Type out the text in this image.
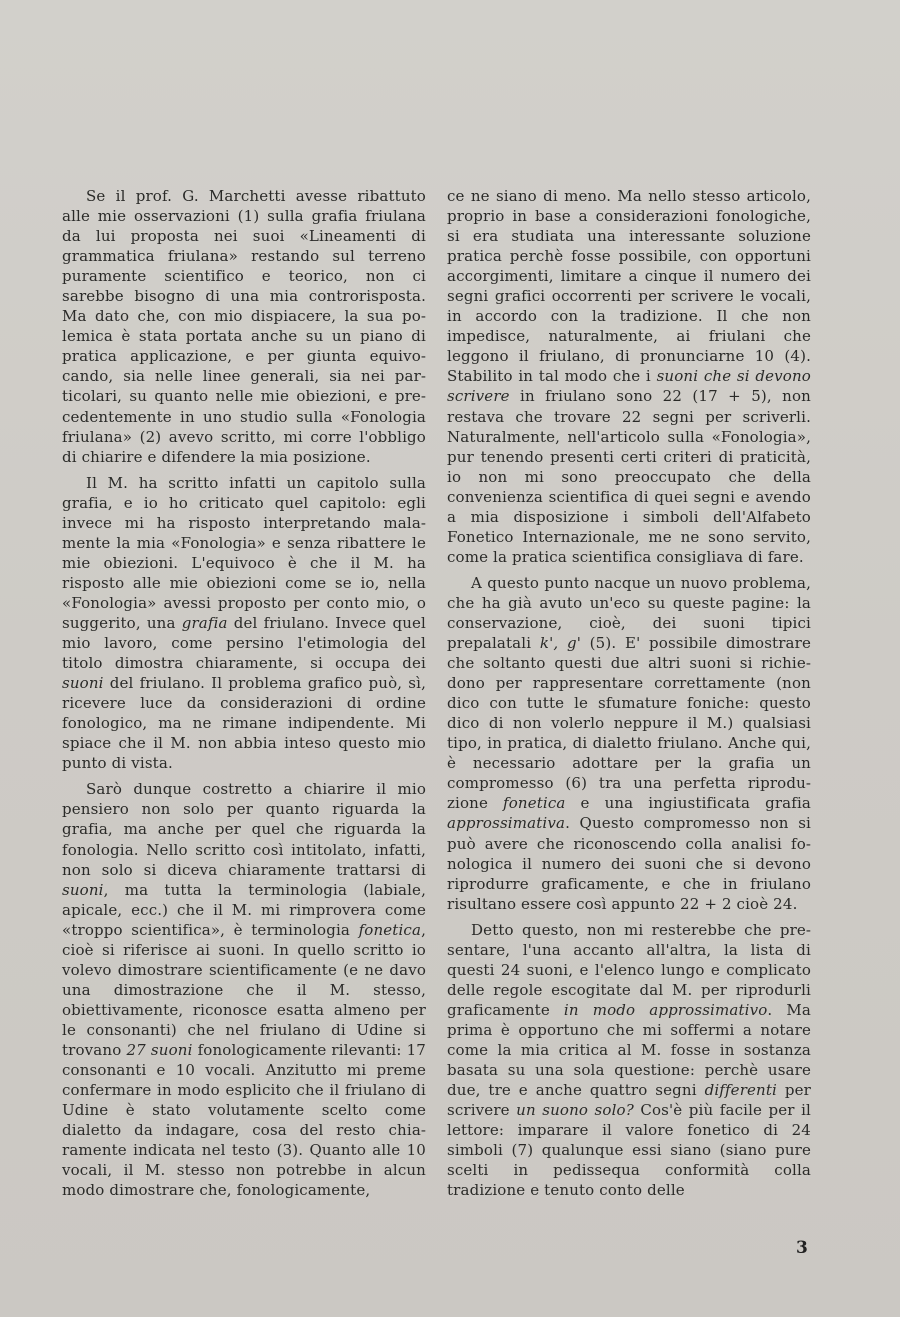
Se il prof. G. Marchetti avesse ribattuto alle mie osservazioni (1) sulla grafia friulana da lui proposta nei suoi «Lineamenti di grammatica friulana» restando sul terreno puramente scientifico e teorico, non ci sarebbe bisogno di una mia controrisposta. Ma dato che, con mio dispiacere, la sua polemica è stata portata anche su un piano di pratica applicazione, e per giunta equivocando, sia nelle linee generali, sia nei particolari, su quanto nelle mie obiezioni, e precedentemente in uno studio sulla «Fonologia friulana» (2) avevo scritto, mi corre l'obbligo di chiarire e difendere la mia posizione.

Il M. ha scritto infatti un capitolo sulla grafia, e io ho criticato quel capitolo: egli invece mi ha risposto interpretando malamente la mia «Fonologia» e senza ribattere le mie obiezioni. L'equivoco è che il M. ha risposto alle mie obiezioni come se io, nella «Fonologia» avessi proposto per conto mio, o suggerito, una grafia del friulano. Invece quel mio lavoro, come persino l'etimologia del titolo dimostra chiaramente, si occupa dei suoni del friulano. Il problema grafico può, sì, ricevere luce da considerazioni di ordine fonologico, ma ne rimane indipendente. Mi spiace che il M. non abbia inteso questo mio punto di vista.

Sarò dunque costretto a chiarire il mio pensiero non solo per quanto riguarda la grafia, ma anche per quel che riguarda la fonologia. Nello scritto così intitolato, infatti, non solo si diceva chiaramente trattarsi di suoni, ma tutta la terminologia (labiale, apicale, ecc.) che il M. mi rimprovera come «troppo scientifica», è terminologia fonetica, cioè si riferisce ai suoni. In quello scritto io volevo dimostrare scientificamente (e ne davo una dimostrazione che il M. stesso, obiettivamente, riconosce esatta almeno per le consonanti) che nel friulano di Udine si trovano 27 suoni fonologicamente rilevanti: 17 consonanti e 10 vocali. Anzitutto mi preme confermare in modo esplicito che il friulano di Udine è stato volutamente scelto come dialetto da indagare, cosa del resto chiaramente indicata nel testo (3). Quanto alle 10 vocali, il M. stesso non potrebbe in alcun modo dimostrare che, fonologicamente,

ce ne siano di meno. Ma nello stesso articolo, proprio in base a considerazioni fonologiche, si era studiata una interessante soluzione pratica perchè fosse possibile, con opportuni accorgimenti, limitare a cinque il numero dei segni grafici occorrenti per scrivere le vocali, in accordo con la tradizione. Il che non impedisce, naturalmente, ai friulani che leggono il friulano, di pronunciarne 10 (4). Stabilito in tal modo che i suoni che si devono scrivere in friulano sono 22 (17 + 5), non restava che trovare 22 segni per scriverli. Naturalmente, nell'articolo sulla «Fonologia», pur tenendo presenti certi criteri di praticità, io non mi sono preoccupato che della convenienza scientifica di quei segni e avendo a mia disposizione i simboli dell'Alfabeto Fonetico Internazionale, me ne sono servito, come la pratica scientifica consigliava di fare.

A questo punto nacque un nuovo problema, che ha già avuto un'eco su queste pagine: la conservazione, cioè, dei suoni tipici prepalatali k', g' (5). E' possibile dimostrare che soltanto questi due altri suoni si richiedono per rappresentare correttamente (non dico con tutte le sfumature foniche: questo dico di non volerlo neppure il M.) qualsiasi tipo, in pratica, di dialetto friulano. Anche qui, è necessario adottare per la grafia un compromesso (6) tra una perfetta riproduzione fonetica e una ingiustificata grafia approssimativa. Questo compromesso non si può avere che riconoscendo colla analisi fonologica il numero dei suoni che si devono riprodurre graficamente, e che in friulano risultano essere così appunto 22 + 2 cioè 24.

Detto questo, non mi resterebbe che presentare, l'una accanto all'altra, la lista di questi 24 suoni, e l'elenco lungo e complicato delle regole escogitate dal M. per riprodurli graficamente in modo approssimativo. Ma prima è opportuno che mi soffermi a notare come la mia critica al M. fosse in sostanza basata su una sola questione: perchè usare due, tre e anche quattro segni differenti per scrivere un suono solo? Cos'è più facile per il lettore: imparare il valore fonetico di 24 simboli (7) qualunque essi siano (siano pure scelti in pedissequa conformità colla tradizione e tenuto conto delle

3
